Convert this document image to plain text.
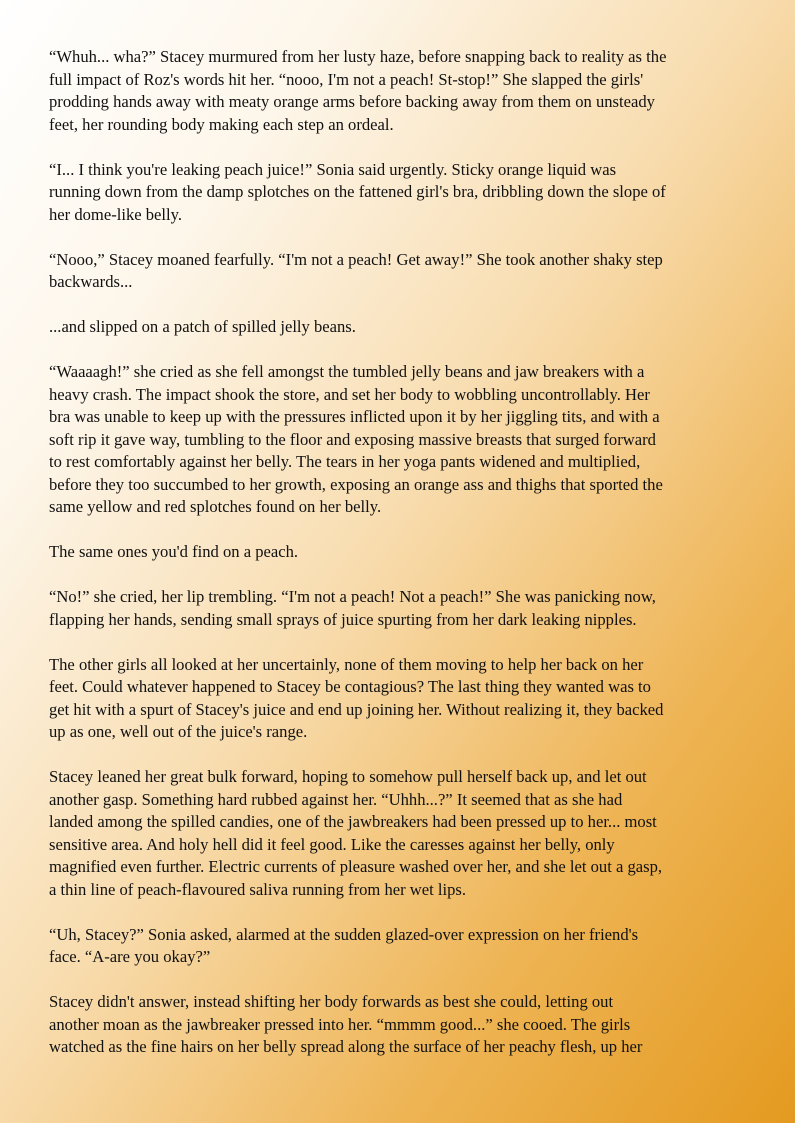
“Whuh... wha?” Stacey murmured from her lusty haze, before snapping back to reality as the
full impact of Roz's words hit her. “nooo, I'm not a peach! St-stop!” She slapped the girls'
prodding hands away with meaty orange arms before backing away from them on unsteady
feet, her rounding body making each step an ordeal.

“I... I think you're leaking peach juice!” Sonia said urgently. Sticky orange liquid was
running down from the damp splotches on the fattened girl's bra, dribbling down the slope of
her dome-like belly.

“Nooo,” Stacey moaned fearfully. “I'm not a peach! Get away!” She took another shaky step
backwards...

...and slipped on a patch of spilled jelly beans.

“Waaaagh!” she cried as she fell amongst the tumbled jelly beans and jaw breakers with a
heavy crash. The impact shook the store, and set her body to wobbling uncontrollably. Her
bra was unable to keep up with the pressures inflicted upon it by her jiggling tits, and with a
soft rip it gave way, tumbling to the floor and exposing massive breasts that surged forward
to rest comfortably against her belly. The tears in her yoga pants widened and multiplied,
before they too succumbed to her growth, exposing an orange ass and thighs that sported the
same yellow and red splotches found on her belly.

The same ones you'd find on a peach.

“No!” she cried, her lip trembling. “I'm not a peach! Not a peach!” She was panicking now,
flapping her hands, sending small sprays of juice spurting from her dark leaking nipples.

The other girls all looked at her uncertainly, none of them moving to help her back on her
feet. Could whatever happened to Stacey be contagious? The last thing they wanted was to
get hit with a spurt of Stacey's juice and end up joining her. Without realizing it, they backed
up as one, well out of the juice's range.

Stacey leaned her great bulk forward, hoping to somehow pull herself back up, and let out
another gasp. Something hard rubbed against her. “Uhhh...?” It seemed that as she had
landed among the spilled candies, one of the jawbreakers had been pressed up to her... most
sensitive area. And holy hell did it feel good. Like the caresses against her belly, only
magnified even further. Electric currents of pleasure washed over her, and she let out a gasp,
a thin line of peach-flavoured saliva running from her wet lips.

“Uh, Stacey?” Sonia asked, alarmed at the sudden glazed-over expression on her friend's
face. “A-are you okay?”

Stacey didn't answer, instead shifting her body forwards as best she could, letting out
another moan as the jawbreaker pressed into her. “mmmm good...” she cooed. The girls
watched as the fine hairs on her belly spread along the surface of her peachy flesh, up her
